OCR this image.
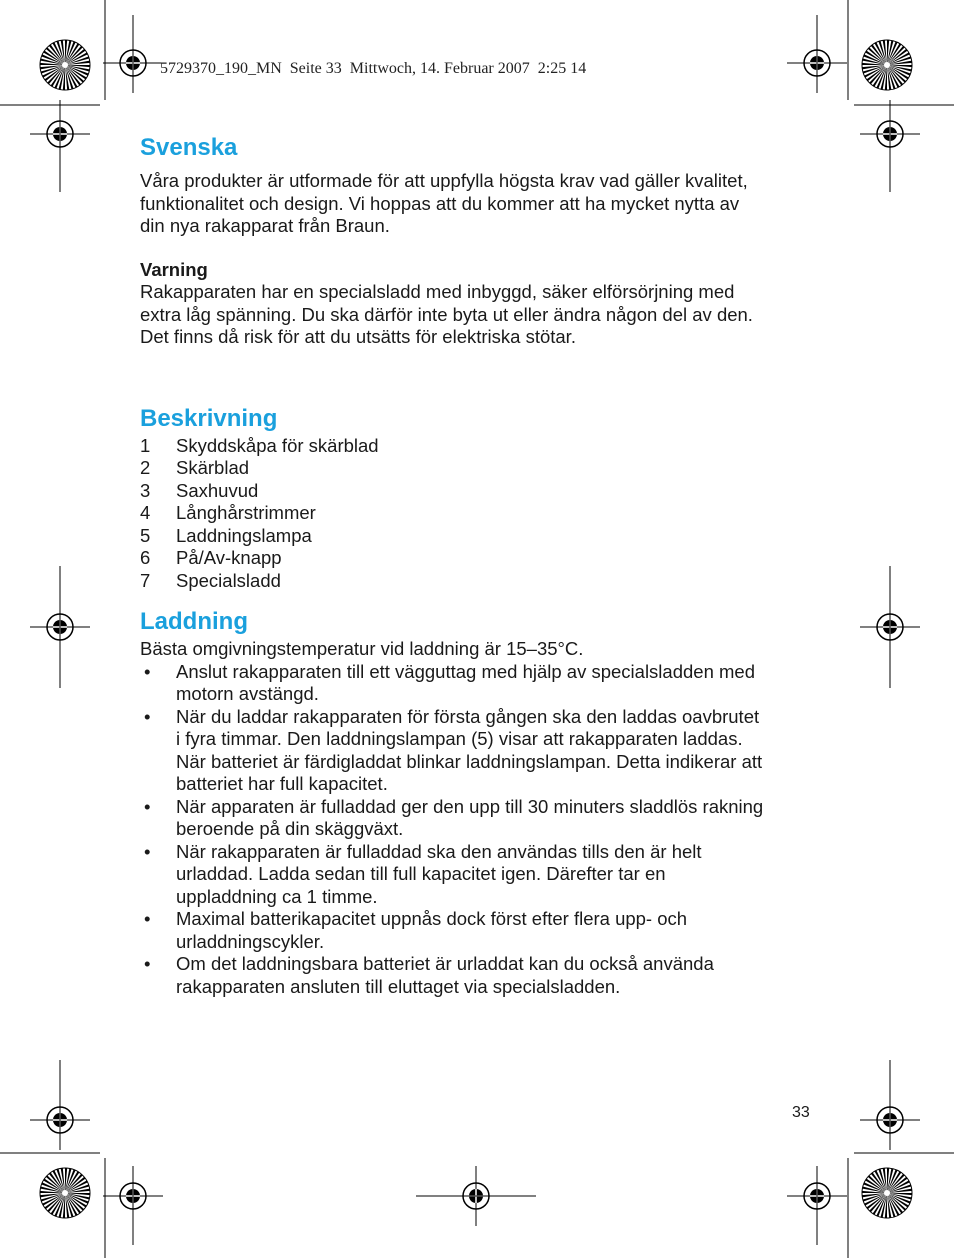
5729370_190_MN  Seite 33  Mittwoch, 14. Februar 2007  2:25 14
Svenska

Våra produkter är utformade för att uppfylla högsta krav vad gäller kvalitet,

funktionalitet och design. Vi hoppas att du kommer att ha mycket nytta av

din nya rakapparat från Braun.

Varning

Rakapparaten har en specialsladd med inbyggd, säker elförsörjning med

extra låg spänning. Du ska därför inte byta ut eller ändra någon del av den.

Det finns då risk för att du utsätts för elektriska stötar.

Beskrivning
1 Skyddskåpa för skärblad
2 Skärblad
3 Saxhuvud
4 Långhårstrimmer
5 Laddningslampa
6 På/Av-knapp
7 Specialsladd
Laddning

Bästa omgivningstemperatur vid laddning är 15–35°C.

• Anslut rakapparaten till ett vägguttag med hjälp av specialsladden med
motorn avstängd.
• När du laddar rakapparaten för första gången ska den laddas oavbrutet
i fyra timmar. Den laddningslampan (5) visar att rakapparaten laddas.
När batteriet är färdigladdat blinkar laddningslampan. Detta indikerar att
batteriet har full kapacitet.
• När apparaten är fulladdad ger den upp till 30 minuters sladdlös rakning
beroende på din skäggväxt.
• När rakapparaten är fulladdad ska den användas tills den är helt
urladdad. Ladda sedan till full kapacitet igen. Därefter tar en
uppladdning ca 1 timme.
• Maximal batterikapacitet uppnås dock först efter flera upp- och
urladdningscykler.
• Om det laddningsbara batteriet är urladdat kan du också använda
rakapparaten ansluten till eluttaget via specialsladden.
33
